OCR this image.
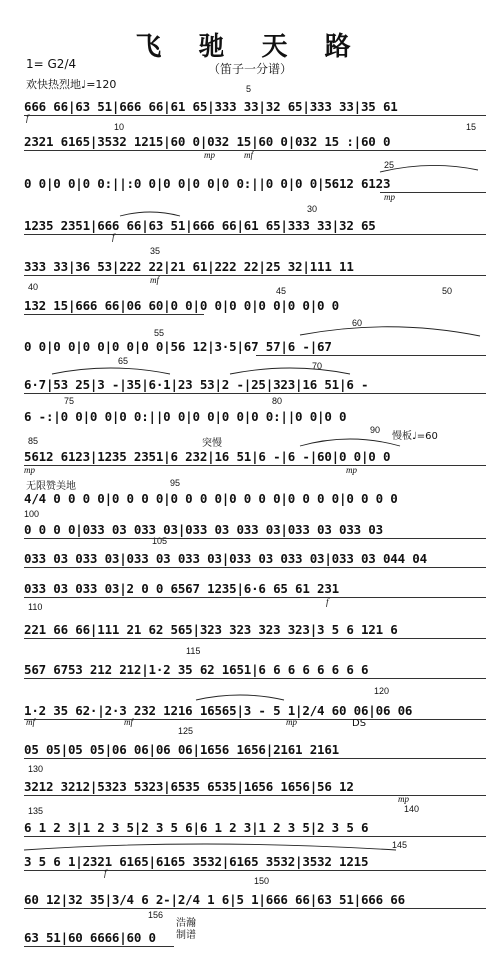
飞 驰 天 路
（笛子一分谱）
1= G2/4
欢快热烈地♩=120	5
10	15
25
30
35
40	45	50
55
60
65	70
75	80
85
90
95
100
105
110
115
120
125
130
135	140
145
150
156
666 66|63 51|666 66|61 65|333 33|32 65|333 33|35 61
2321 6165|3532 1215|60 0|032 15|60 0|032 15 :|60 0
0 0|0 0|0 0:||:0 0|0 0|0 0|0 0:||0 0|0 0|5612 6123
1235 2351|666 66|63 51|666 66|61 65|333 33|32 65
333 33|36 53|222 22|21 61|222 22|25 32|111 11
132 15|666 66|06 60|0 0|0 0|0 0|0 0|0 0|0 0
0 0|0 0|0 0|0 0|0 0|56 12|3·5|67 57|6 -|67
6·7|53 25|3 -|35|6·1|23 53|2 -|25|323|16 51|6 -
6 -:|0 0|0 0|0 0:||0 0|0 0|0 0|0 0:||0 0|0 0
5612 6123|1235 2351|6 232|16 51|6 -|6 -|60|0 0|0 0
4/4 0 0 0 0|0 0 0 0|0 0 0 0|0 0 0 0|0 0 0 0|0 0 0 0
0 0 0 0|033 03 033 03|033 03 033 03|033 03 033 03
033 03 033 03|033 03 033 03|033 03 033 03|033 03 044 04
033 03 033 03|2 0 0 6567 1235|6·6 65 61 231
221 66 66|111 21 62 565|323 323 323 323|3 5 6 121 6
567 6753 212 212|1·2 35 62 1651|6 6 6 6 6 6 6 6
1·2 35 62·|2·3 232 1216 16565|3 - 5 1|2/4 60 06|06 06
05 05|05 05|06 06|06 06|1656 1656|2161 2161
3212 3212|5323 5323|6535 6535|1656 1656|56 12
6 1 2 3|1 2 3 5|2 3 5 6|6 1 2 3|1 2 3 5|2 3 5 6
3 5 6 1|2321 6165|6165 3532|6165 3532|3532 1215
60 12|32 35|3/4 6 2-|2/4 1 6|5 1|666 66|63 51|666 66
63 51|60 6666|60 0
f
mp	mf
mp
f
mf
mp	mp
f
mf	mf	mp
mp
f
突慢
慢板♩=60
无限赞美地
DS
浩瀚
制谱
